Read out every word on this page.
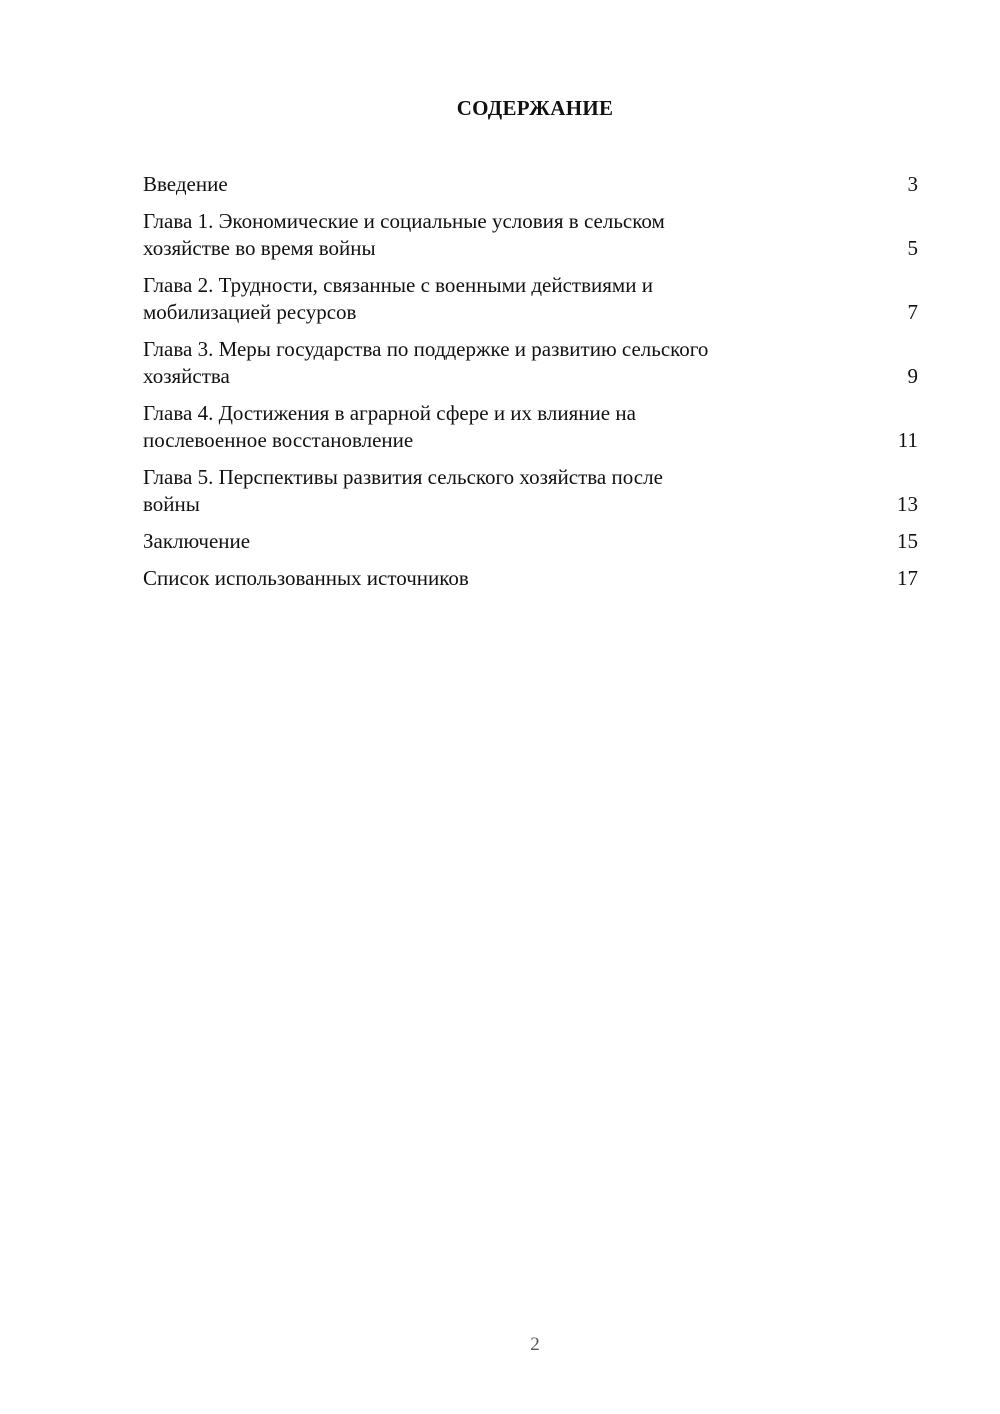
СОДЕРЖАНИЕ
Введение	3
Глава 1. Экономические и социальные условия в сельском
хозяйстве во время войны	5
Глава 2. Трудности, связанные с военными действиями и
мобилизацией ресурсов	7
Глава 3. Меры государства по поддержке и развитию сельского
хозяйства	9
Глава 4. Достижения в аграрной сфере и их влияние на
послевоенное восстановление	11
Глава 5. Перспективы развития сельского хозяйства после
войны	13
Заключение	15
Список использованных источников	17
2
